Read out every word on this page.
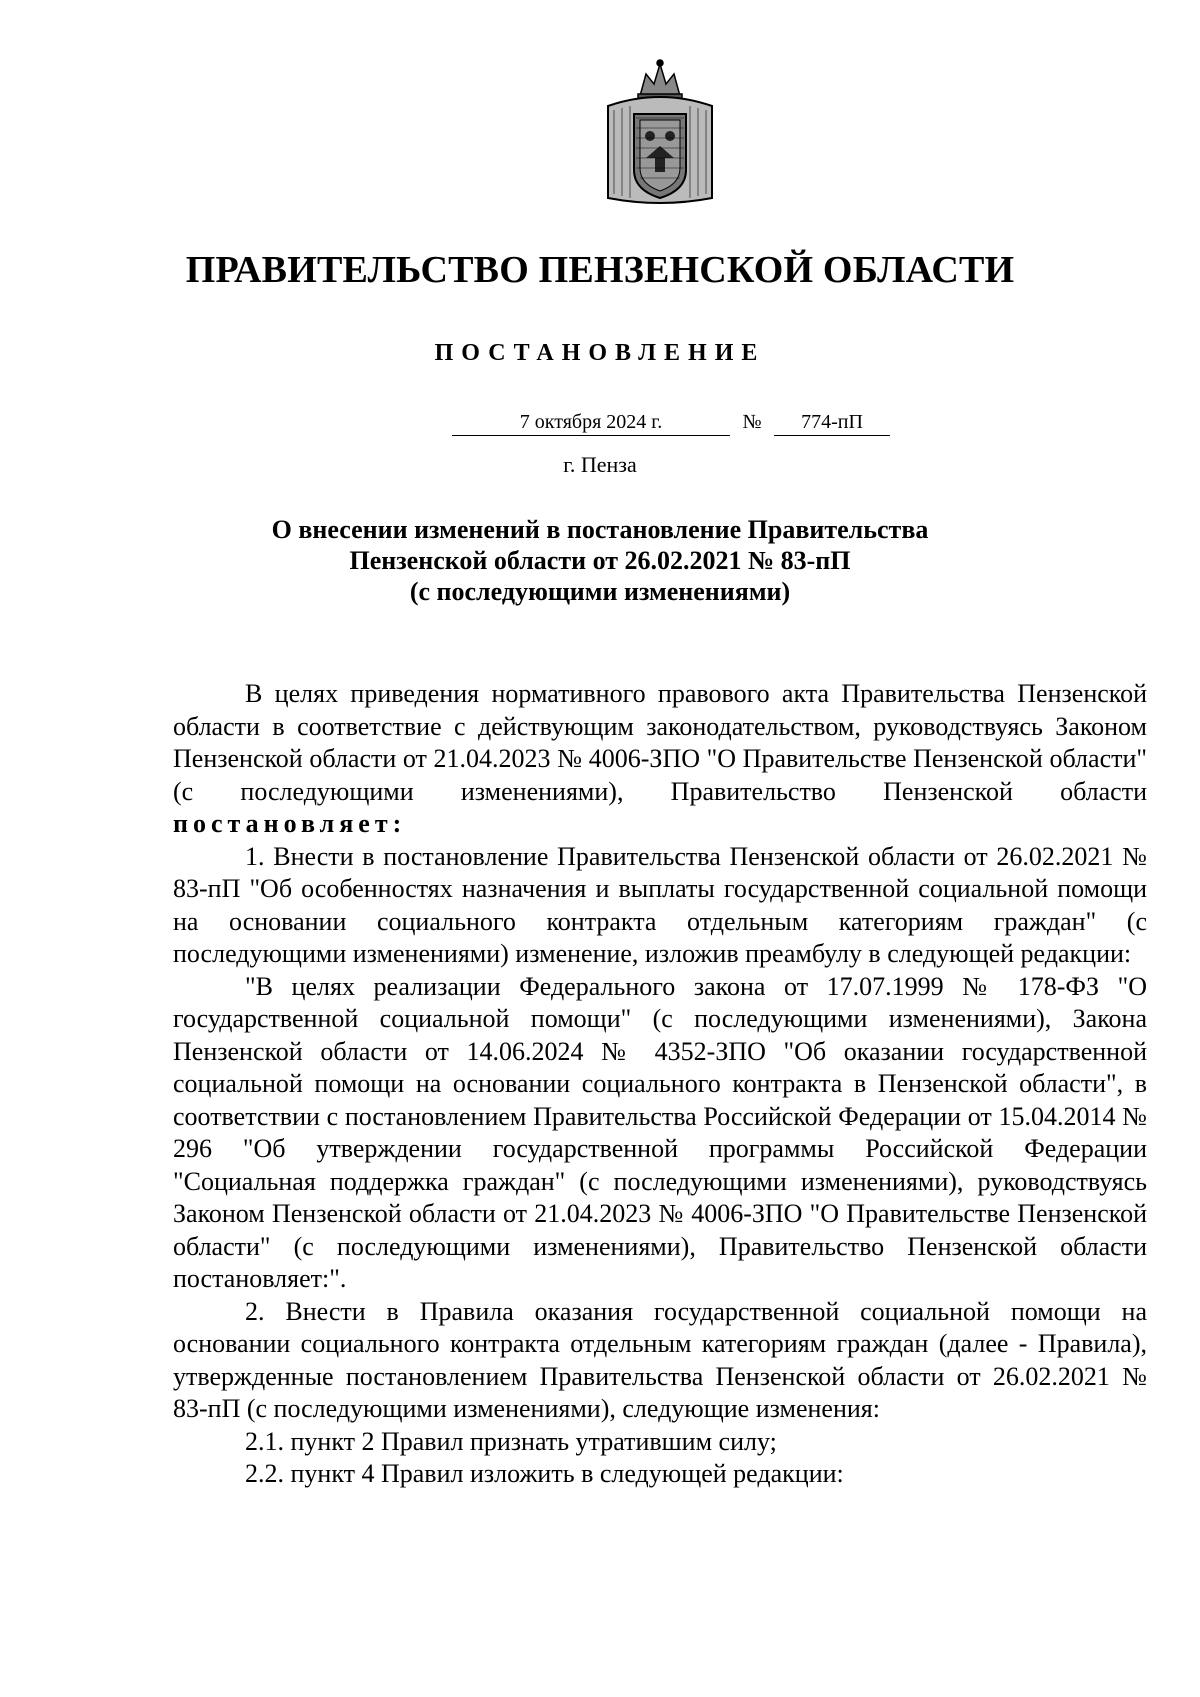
ПРАВИТЕЛЬСТВО ПЕНЗЕНСКОЙ ОБЛАСТИ
ПОСТАНОВЛЕНИЕ
7 октября 2024 г.	№ 774-пП
г. Пенза
О внесении изменений в постановление Правительства
Пензенской области от 26.02.2021 № 83-пП
(с последующими изменениями)

В целях приведения нормативного правового акта Правительства Пензенской области в соответствие с действующим законодательством, руководствуясь Законом Пензенской области от 21.04.2023 № 4006-ЗПО "О Правительстве Пензенской области" (с последующими изменениями), Правительство Пензенской области постановляет:

1. Внести в постановление Правительства Пензенской области от 26.02.2021 № 83-пП "Об особенностях назначения и выплаты государственной социальной помощи на основании социального контракта отдельным категориям граждан" (с последующими изменениями) изменение, изложив преамбулу в следующей редакции:

"В целях реализации Федерального закона от 17.07.1999 № 178-ФЗ "О государственной социальной помощи" (с последующими изменениями), Закона Пензенской области от 14.06.2024 № 4352-ЗПО "Об оказании государственной социальной помощи на основании социального контракта в Пензенской области", в соответствии с постановлением Правительства Российской Федерации от 15.04.2014 № 296 "Об утверждении государственной программы Российской Федерации "Социальная поддержка граждан" (с последующими изменениями), руководствуясь Законом Пензенской области от 21.04.2023 № 4006-ЗПО "О Правительстве Пензенской области" (с последующими изменениями), Правительство Пензенской области постановляет:".

2. Внести в Правила оказания государственной социальной помощи на основании социального контракта отдельным категориям граждан (далее - Правила), утвержденные постановлением Правительства Пензенской области от 26.02.2021 № 83-пП (с последующими изменениями), следующие изменения:

2.1. пункт 2 Правил признать утратившим силу;

2.2. пункт 4 Правил изложить в следующей редакции:
